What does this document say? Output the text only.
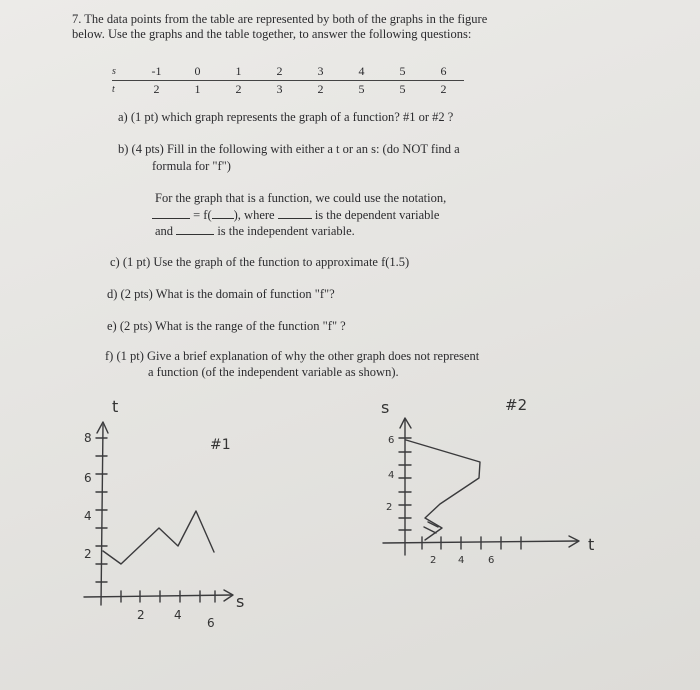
7. The data points from the table are represented by both of the graphs in the figure
below. Use the graphs and the table together, to answer the following questions:
s	-1	0	1	2	3	4	5	6
t	2	1	2	3	2	5	5	2
a) (1 pt) which graph represents the graph of a function? #1 or #2 ?
b) (4 pts) Fill in the following with either a t or an s: (do NOT find a
formula for "f")
For the graph that is a function, we could use the notation,
= f( ), where	is the dependent variable
and	is the independent variable.
c) (1 pt) Use the graph of the function to approximate f(1.5)
d) (2 pts) What is the domain of function "f"?
e) (2 pts) What is the range of the function "f" ?
f) (1 pt) Give a brief explanation of why the other graph does not represent
a function (of the independent variable as shown).
t
s
#1
8
6
4
2
2 4
6
s
t
#2
6
4
2
2 4 6
